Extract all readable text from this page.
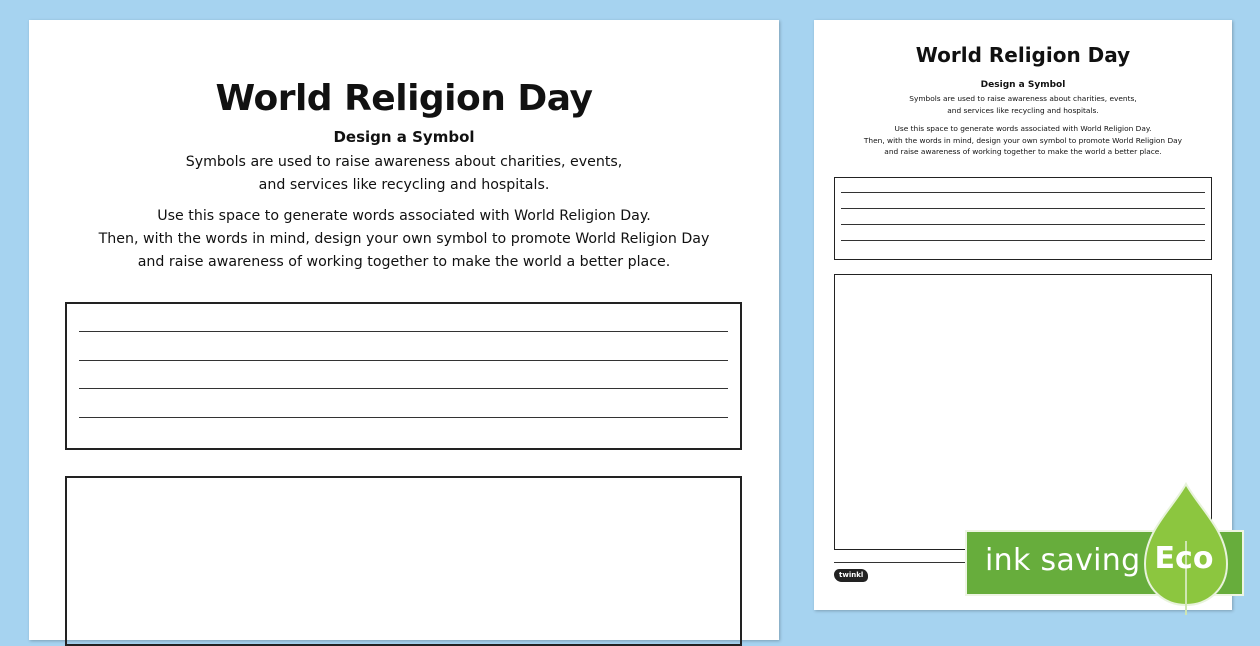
World Religion Day
Design a Symbol
Symbols are used to raise awareness about charities, events,
and services like recycling and hospitals.
Use this space to generate words associated with World Religion Day.
Then, with the words in mind, design your own symbol to promote World Religion Day
and raise awareness of working together to make the world a better place.
World Religion Day
Design a Symbol
Symbols are used to raise awareness about charities, events,
and services like recycling and hospitals.
Use this space to generate words associated with World Religion Day.
Then, with the words in mind, design your own symbol to promote World Religion Day
and raise awareness of working together to make the world a better place.
twinkl	ink saving Eco
